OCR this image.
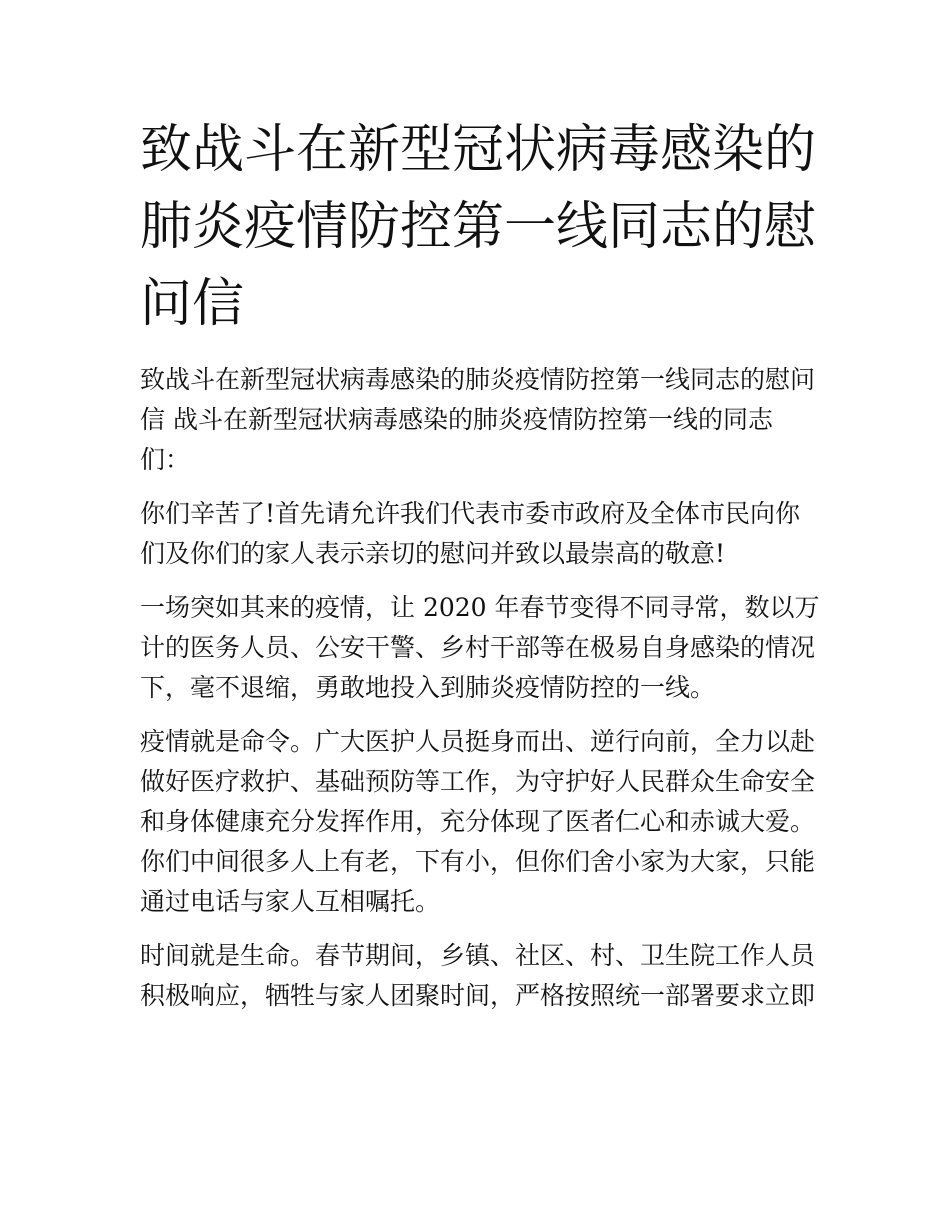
致战斗在新型冠状病毒感染的
肺炎疫情防控第一线同志的慰
问信

致战斗在新型冠状病毒感染的肺炎疫情防控第一线同志的慰问
信 战斗在新型冠状病毒感染的肺炎疫情防控第一线的同志
们：

你们辛苦了!首先请允许我们代表市委市政府及全体市民向你
们及你们的家人表示亲切的慰问并致以最崇高的敬意!

一场突如其来的疫情，让 2020 年春节变得不同寻常，数以万
计的医务人员、公安干警、乡村干部等在极易自身感染的情况
下，毫不退缩，勇敢地投入到肺炎疫情防控的一线。

疫情就是命令。广大医护人员挺身而出、逆行向前，全力以赴
做好医疗救护、基础预防等工作，为守护好人民群众生命安全
和身体健康充分发挥作用，充分体现了医者仁心和赤诚大爱。
你们中间很多人上有老，下有小，但你们舍小家为大家，只能
通过电话与家人互相嘱托。

时间就是生命。春节期间，乡镇、社区、村、卫生院工作人员
积极响应，牺牲与家人团聚时间，严格按照统一部署要求立即
